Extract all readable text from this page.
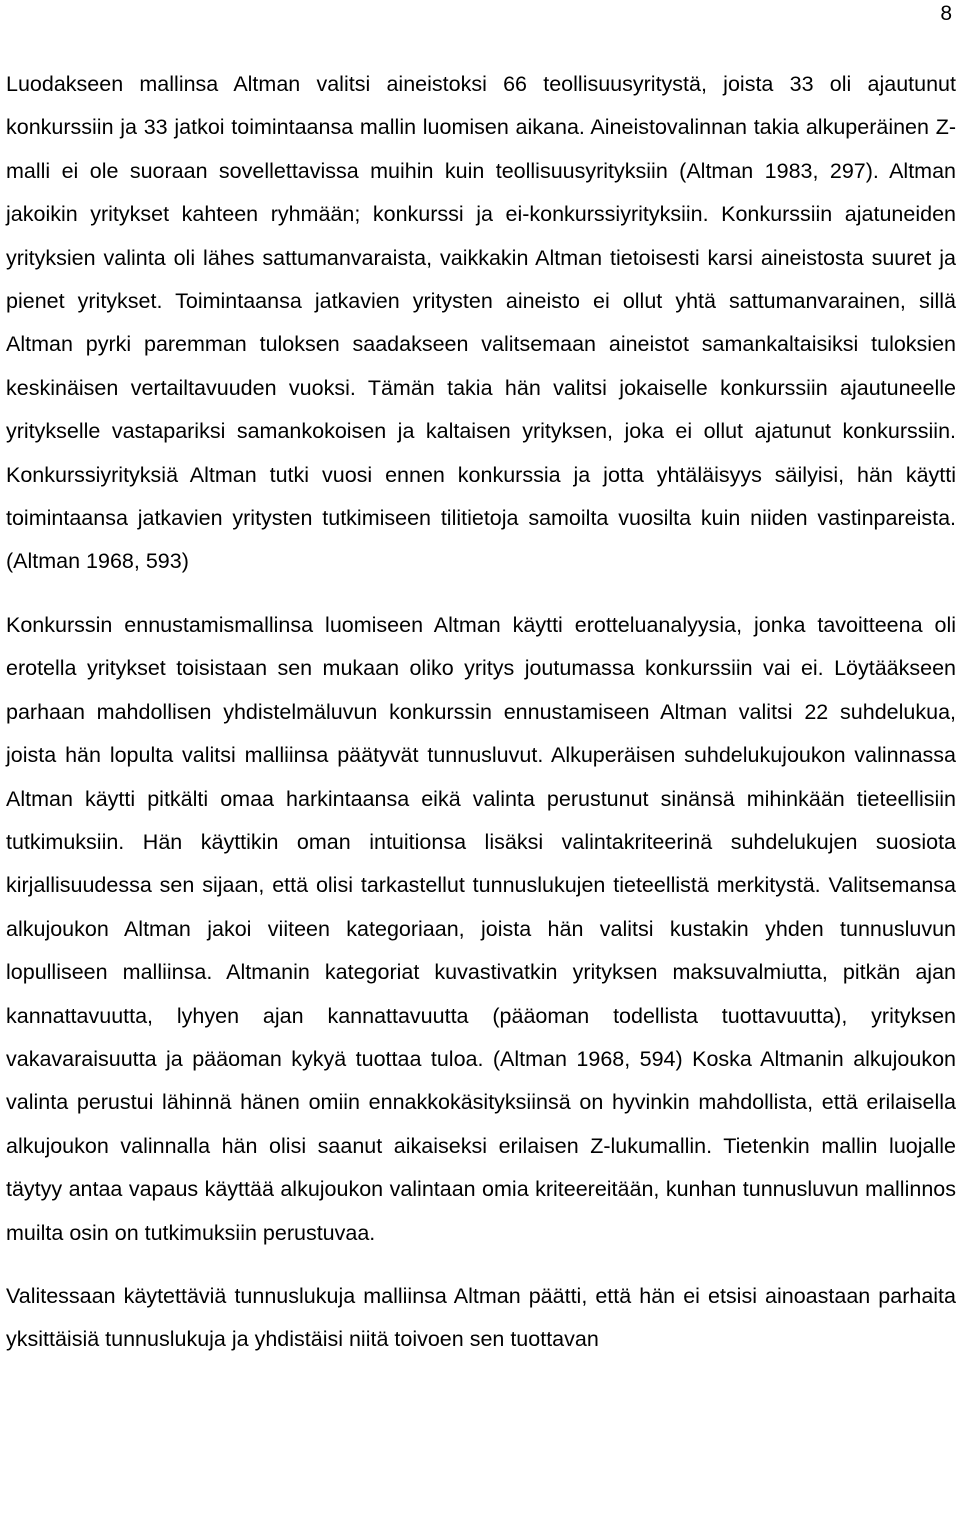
8

Luodakseen mallinsa Altman valitsi aineistoksi 66 teollisuusyritystä, joista 33 oli ajautunut konkurssiin ja 33 jatkoi toimintaansa mallin luomisen aikana. Aineistovalinnan takia alkuperäinen Z-malli ei ole suoraan sovellettavissa muihin kuin teollisuusyrityksiin (Altman 1983, 297). Altman jakoikin yritykset kahteen ryhmään; konkurssi ja ei-konkurssiyrityksiin. Konkurssiin ajatuneiden yrityksien valinta oli lähes sattumanvaraista, vaikkakin Altman tietoisesti karsi aineistosta suuret ja pienet yritykset. Toimintaansa jatkavien yritysten aineisto ei ollut yhtä sattumanvarainen, sillä Altman pyrki paremman tuloksen saadakseen valitsemaan aineistot samankaltaisiksi tuloksien keskinäisen vertailtavuuden vuoksi. Tämän takia hän valitsi jokaiselle konkurssiin ajautuneelle yritykselle vastapariksi samankokoisen ja kaltaisen yrityksen, joka ei ollut ajatunut konkurssiin. Konkurssiyrityksiä Altman tutki vuosi ennen konkurssia ja jotta yhtäläisyys säilyisi, hän käytti toimintaansa jatkavien yritysten tutkimiseen tilitietoja samoilta vuosilta kuin niiden vastinpareista. (Altman 1968, 593)

Konkurssin ennustamismallinsa luomiseen Altman käytti erotteluanalyysia, jonka tavoitteena oli erotella yritykset toisistaan sen mukaan oliko yritys joutumassa konkurssiin vai ei. Löytääkseen parhaan mahdollisen yhdistelmäluvun konkurssin ennustamiseen Altman valitsi 22 suhdelukua, joista hän lopulta valitsi malliinsa päätyvät tunnusluvut. Alkuperäisen suhdelukujoukon valinnassa Altman käytti pitkälti omaa harkintaansa eikä valinta perustunut sinänsä mihinkään tieteellisiin tutkimuksiin. Hän käyttikin oman intuitionsa lisäksi valintakriteerinä suhdelukujen suosiota kirjallisuudessa sen sijaan, että olisi tarkastellut tunnuslukujen tieteellistä merkitystä. Valitsemansa alkujoukon Altman jakoi viiteen kategoriaan, joista hän valitsi kustakin yhden tunnusluvun lopulliseen malliinsa. Altmanin kategoriat kuvastivatkin yrityksen maksuvalmiutta, pitkän ajan kannattavuutta, lyhyen ajan kannattavuutta (pääoman todellista tuottavuutta), yrityksen vakavaraisuutta ja pääoman kykyä tuottaa tuloa. (Altman 1968, 594) Koska Altmanin alkujoukon valinta perustui lähinnä hänen omiin ennakkokäsityksiinsä on hyvinkin mahdollista, että erilaisella alkujoukon valinnalla hän olisi saanut aikaiseksi erilaisen Z-lukumallin. Tietenkin mallin luojalle täytyy antaa vapaus käyttää alkujoukon valintaan omia kriteereitään, kunhan tunnusluvun mallinnos muilta osin on tutkimuksiin perustuvaa.

Valitessaan käytettäviä tunnuslukuja malliinsa Altman päätti, että hän ei etsisi ainoastaan parhaita yksittäisiä tunnuslukuja ja yhdistäisi niitä toivoen sen tuottavan
